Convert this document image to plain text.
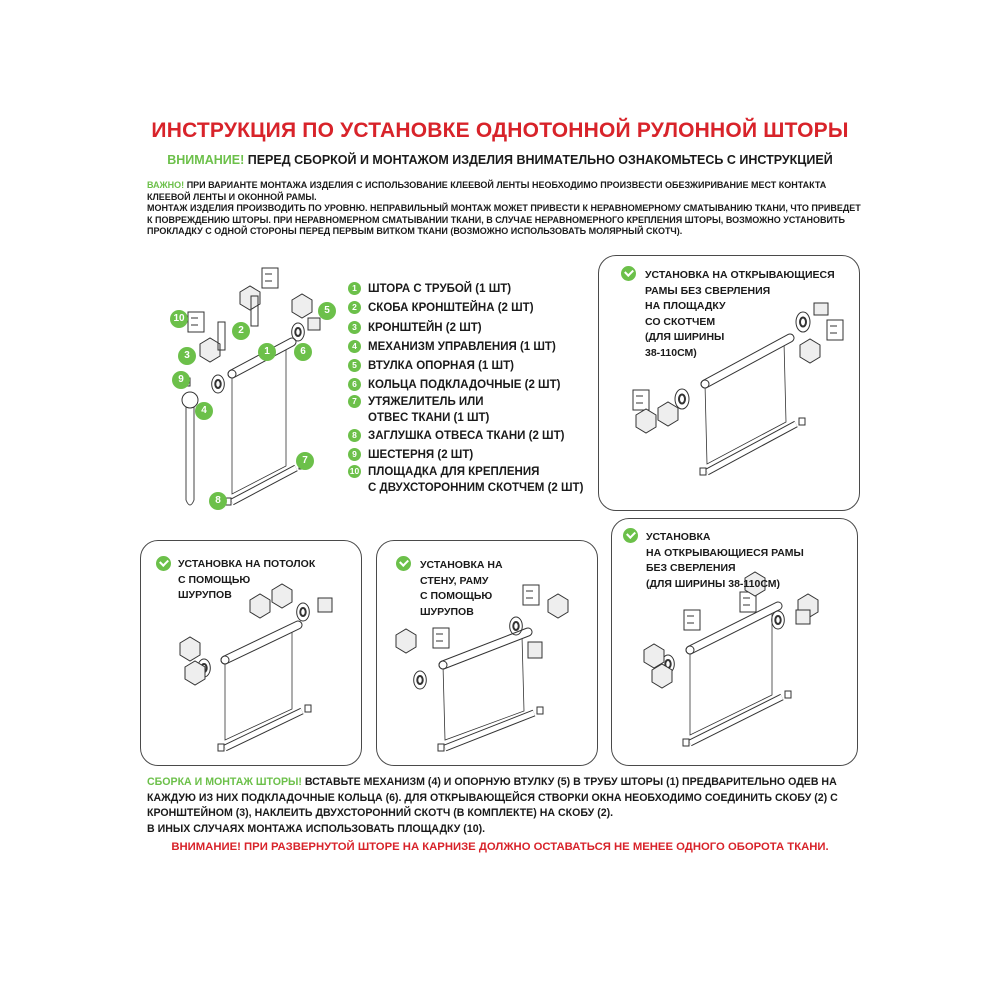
ИНСТРУКЦИЯ ПО УСТАНОВКЕ ОДНОТОННОЙ РУЛОННОЙ ШТОРЫ
ВНИМАНИЕ! ПЕРЕД СБОРКОЙ И МОНТАЖОМ ИЗДЕЛИЯ ВНИМАТЕЛЬНО ОЗНАКОМЬТЕСЬ С ИНСТРУКЦИЕЙ
ВАЖНО! ПРИ ВАРИАНТЕ МОНТАЖА ИЗДЕЛИЯ С ИСПОЛЬЗОВАНИЕ КЛЕЕВОЙ ЛЕНТЫ НЕОБХОДИМО ПРОИЗВЕСТИ ОБЕЗЖИРИВАНИЕ МЕСТ КОНТАКТА КЛЕЕВОЙ ЛЕНТЫ И ОКОННОЙ РАМЫ.
МОНТАЖ ИЗДЕЛИЯ ПРОИЗВОДИТЬ ПО УРОВНЮ. НЕПРАВИЛЬНЫЙ МОНТАЖ МОЖЕТ ПРИВЕСТИ К НЕРАВНОМЕРНОМУ СМАТЫВАНИЮ ТКАНИ, ЧТО ПРИВЕДЕТ К ПОВРЕЖДЕНИЮ ШТОРЫ. ПРИ НЕРАВНОМЕРНОМ СМАТЫВАНИИ ТКАНИ, В СЛУЧАЕ НЕРАВНОМЕРНОГО КРЕПЛЕНИЯ ШТОРЫ, ВОЗМОЖНО УСТАНОВИТЬ ПРОКЛАДКУ С ОДНОЙ СТОРОНЫ ПЕРЕД ПЕРВЫМ ВИТКОМ ТКАНИ (ВОЗМОЖНО ИСПОЛЬЗОВАТЬ МОЛЯРНЫЙ СКОТЧ).
1 ШТОРА С ТРУБОЙ (1 ШТ)
2 СКОБА КРОНШТЕЙНА (2 ШТ)
3 КРОНШТЕЙН (2 ШТ)
4 МЕХАНИЗМ УПРАВЛЕНИЯ (1 ШТ)
5 ВТУЛКА ОПОРНАЯ (1 ШТ)
6 КОЛЬЦА ПОДКЛАДОЧНЫЕ (2 ШТ)
7 УТЯЖЕЛИТЕЛЬ ИЛИ
ОТВЕС ТКАНИ (1 ШТ)
8 ЗАГЛУШКА ОТВЕСА ТКАНИ (2 ШТ)
9 ШЕСТЕРНЯ (2 ШТ)
10 ПЛОЩАДКА ДЛЯ КРЕПЛЕНИЯ
С ДВУХСТОРОННИМ СКОТЧЕМ (2 ШТ)
УСТАНОВКА НА ОТКРЫВАЮЩИЕСЯ
РАМЫ БЕЗ СВЕРЛЕНИЯ
НА ПЛОЩАДКУ
СО СКОТЧЕМ
(ДЛЯ ШИРИНЫ
38-110СМ)
УСТАНОВКА НА ПОТОЛОК
С ПОМОЩЬЮ
ШУРУПОВ
УСТАНОВКА НА
СТЕНУ, РАМУ
С ПОМОЩЬЮ
ШУРУПОВ
УСТАНОВКА
НА ОТКРЫВАЮЩИЕСЯ РАМЫ
БЕЗ СВЕРЛЕНИЯ
(ДЛЯ ШИРИНЫ 38-110СМ)
СБОРКА И МОНТАЖ ШТОРЫ! ВСТАВЬТЕ МЕХАНИЗМ (4) И ОПОРНУЮ ВТУЛКУ (5) В ТРУБУ ШТОРЫ (1) ПРЕДВАРИТЕЛЬНО ОДЕВ НА КАЖДУЮ ИЗ НИХ ПОДКЛАДОЧНЫЕ КОЛЬЦА (6). ДЛЯ ОТКРЫВАЮЩЕЙСЯ СТВОРКИ ОКНА НЕОБХОДИМО СОЕДИНИТЬ СКОБУ (2) С КРОНШТЕЙНОМ (3), НАКЛЕИТЬ ДВУХСТОРОННИЙ СКОТЧ (В КОМПЛЕКТЕ) НА СКОБУ (2).
В ИНЫХ СЛУЧАЯХ МОНТАЖА ИСПОЛЬЗОВАТЬ ПЛОЩАДКУ (10).
ВНИМАНИЕ! ПРИ РАЗВЕРНУТОЙ ШТОРЕ НА КАРНИЗЕ ДОЛЖНО ОСТАВАТЬСЯ НЕ МЕНЕЕ ОДНОГО ОБОРОТА ТКАНИ.
10
2
5
6
1
3
9
4
7
8
